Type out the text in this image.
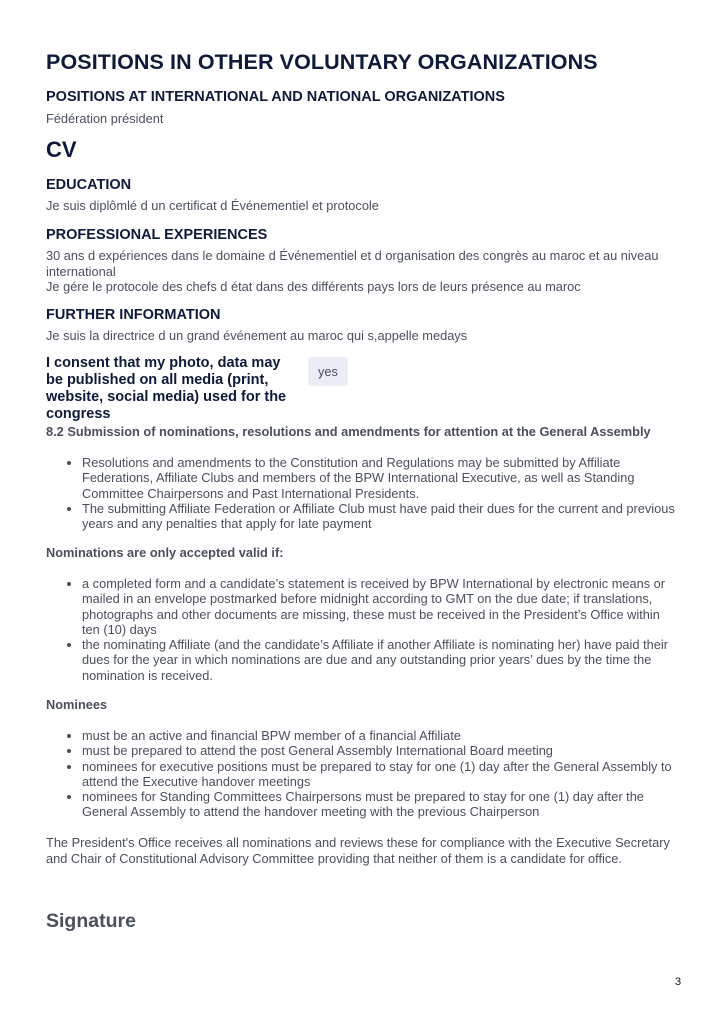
POSITIONS IN OTHER VOLUNTARY ORGANIZATIONS
POSITIONS AT INTERNATIONAL AND NATIONAL ORGANIZATIONS
Fédération président
CV
EDUCATION
Je suis diplômlé d un certificat d Événementiel et protocole
PROFESSIONAL EXPERIENCES
30 ans d expériences dans le domaine d Événementiel et d organisation des congrès au maroc et au niveau international
Je gére le protocole des chefs d état dans des différents pays lors de leurs présence au maroc
FURTHER INFORMATION
Je suis la directrice d un grand événement au maroc qui s,appelle medays
I consent that my photo, data may be published on all media (print, website, social media) used for the congress
yes
8.2 Submission of nominations, resolutions and amendments for attention at the General Assembly
• Resolutions and amendments to the Constitution and Regulations may be submitted by Affiliate Federations, Affiliate Clubs and members of the BPW International Executive, as well as Standing Committee Chairpersons and Past International Presidents.
• The submitting Affiliate Federation or Affiliate Club must have paid their dues for the current and previous years and any penalties that apply for late payment
Nominations are only accepted valid if:
• a completed form and a candidate’s statement is received by BPW International by electronic means or mailed in an envelope postmarked before midnight according to GMT on the due date; if translations, photographs and other documents are missing, these must be received in the President’s Office within ten (10) days
• the nominating Affiliate (and the candidate’s Affiliate if another Affiliate is nominating her) have paid their dues for the year in which nominations are due and any outstanding prior years’ dues by the time the nomination is received.
Nominees
• must be an active and financial BPW member of a financial Affiliate
• must be prepared to attend the post General Assembly International Board meeting
• nominees for executive positions must be prepared to stay for one (1) day after the General Assembly to attend the Executive handover meetings
• nominees for Standing Committees Chairpersons must be prepared to stay for one (1) day after the General Assembly to attend the handover meeting with the previous Chairperson
The President's Office receives all nominations and reviews these for compliance with the Executive Secretary and Chair of Constitutional Advisory Committee providing that neither of them is a candidate for office.
Signature
3
